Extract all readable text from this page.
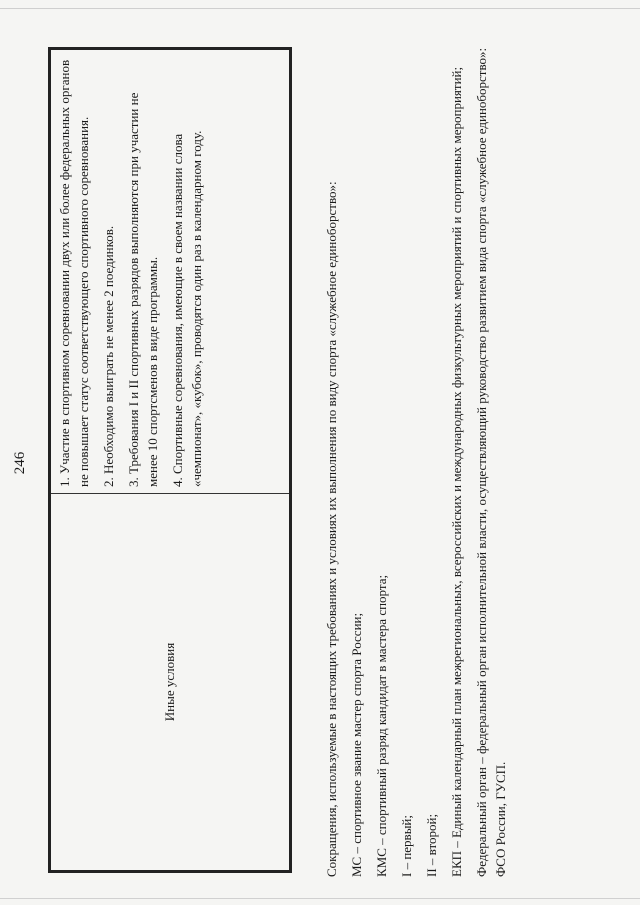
246
Иные условия
1. Участие в спортивном соревновании двух или более федеральных органов не повышает статус соответствующего спортивного соревнования. 2. Необходимо выиграть не менее 2 поединков. 3. Требования I и II спортивных разрядов выполняются при участии не менее 10 спортсменов в виде программы. 4. Спортивные соревнования, имеющие в своем названии слова «чемпионат», «кубок», проводятся один раз в календарном году.	Сокращения, используемые в настоящих требованиях и условиях их выполнения по виду спорта «служебное единоборство»: МС – спортивное звание мастер спорта России; КМС – спортивный разряд кандидат в мастера спорта; I – первый; II – второй; ЕКП – Единый календарный план межрегиональных, всероссийских и международных физкультурных мероприятий и спортивных мероприятий; Федеральный орган – федеральный орган исполнительной власти, осуществляющий руководство развитием вида спорта «служебное единоборство»: ФСО России, ГУСП.
